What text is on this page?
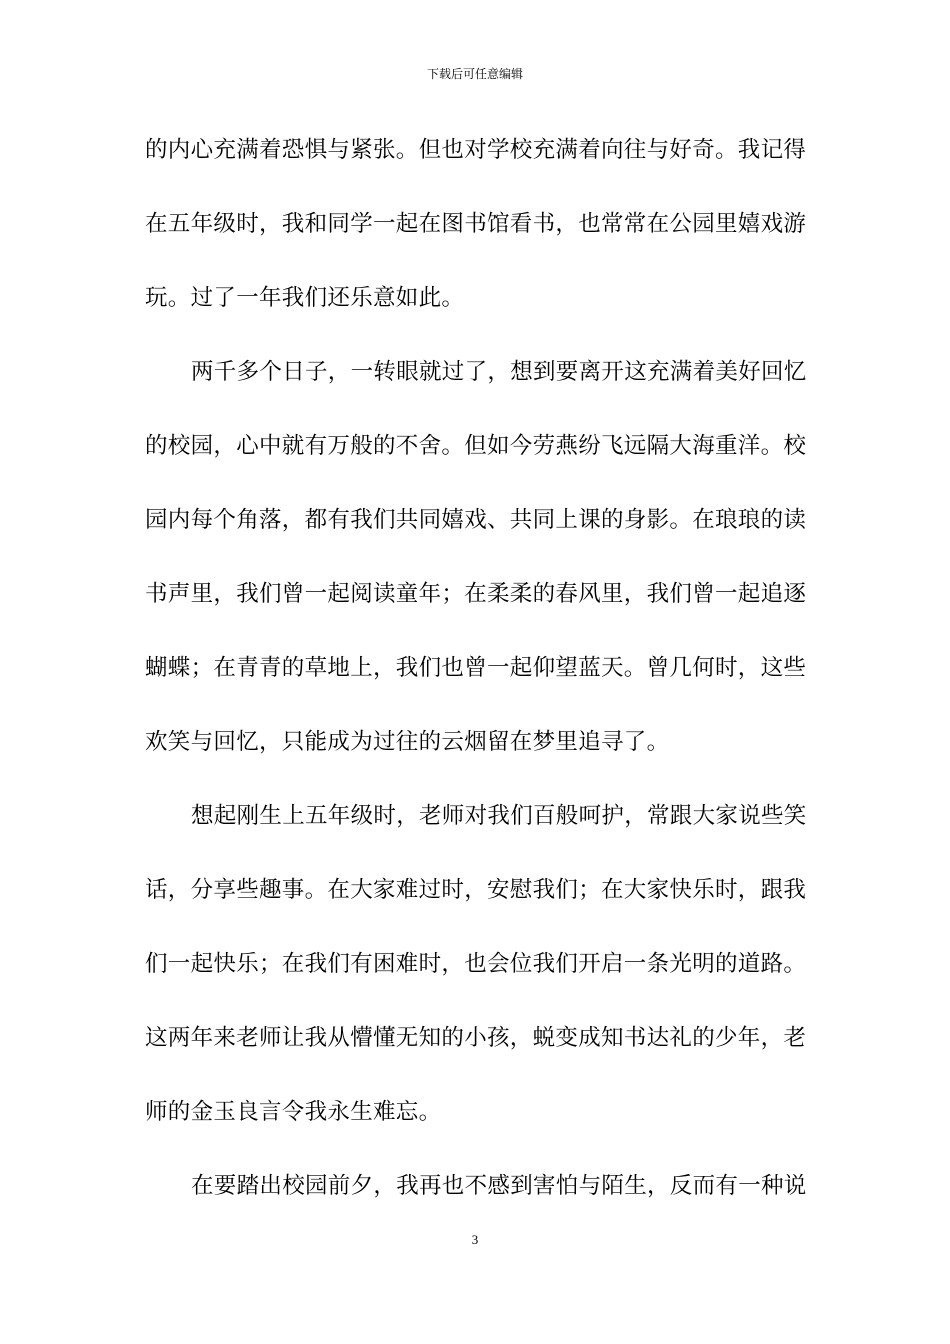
下载后可任意编辑
的内心充满着恐惧与紧张。但也对学校充满着向往与好奇。我记得
在五年级时，我和同学一起在图书馆看书，也常常在公园里嬉戏游
玩。过了一年我们还乐意如此。
两千多个日子，一转眼就过了，想到要离开这充满着美好回忆
的校园，心中就有万般的不舍。但如今劳燕纷飞远隔大海重洋。校
园内每个角落，都有我们共同嬉戏、共同上课的身影。在琅琅的读
书声里，我们曾一起阅读童年；在柔柔的春风里，我们曾一起追逐
蝴蝶；在青青的草地上，我们也曾一起仰望蓝天。曾几何时，这些
欢笑与回忆，只能成为过往的云烟留在梦里追寻了。
想起刚生上五年级时，老师对我们百般呵护，常跟大家说些笑
话，分享些趣事。在大家难过时，安慰我们；在大家快乐时，跟我
们一起快乐；在我们有困难时，也会位我们开启一条光明的道路。
这两年来老师让我从懵懂无知的小孩，蜕变成知书达礼的少年，老
师的金玉良言令我永生难忘。
在要踏出校园前夕，我再也不感到害怕与陌生，反而有一种说
3
